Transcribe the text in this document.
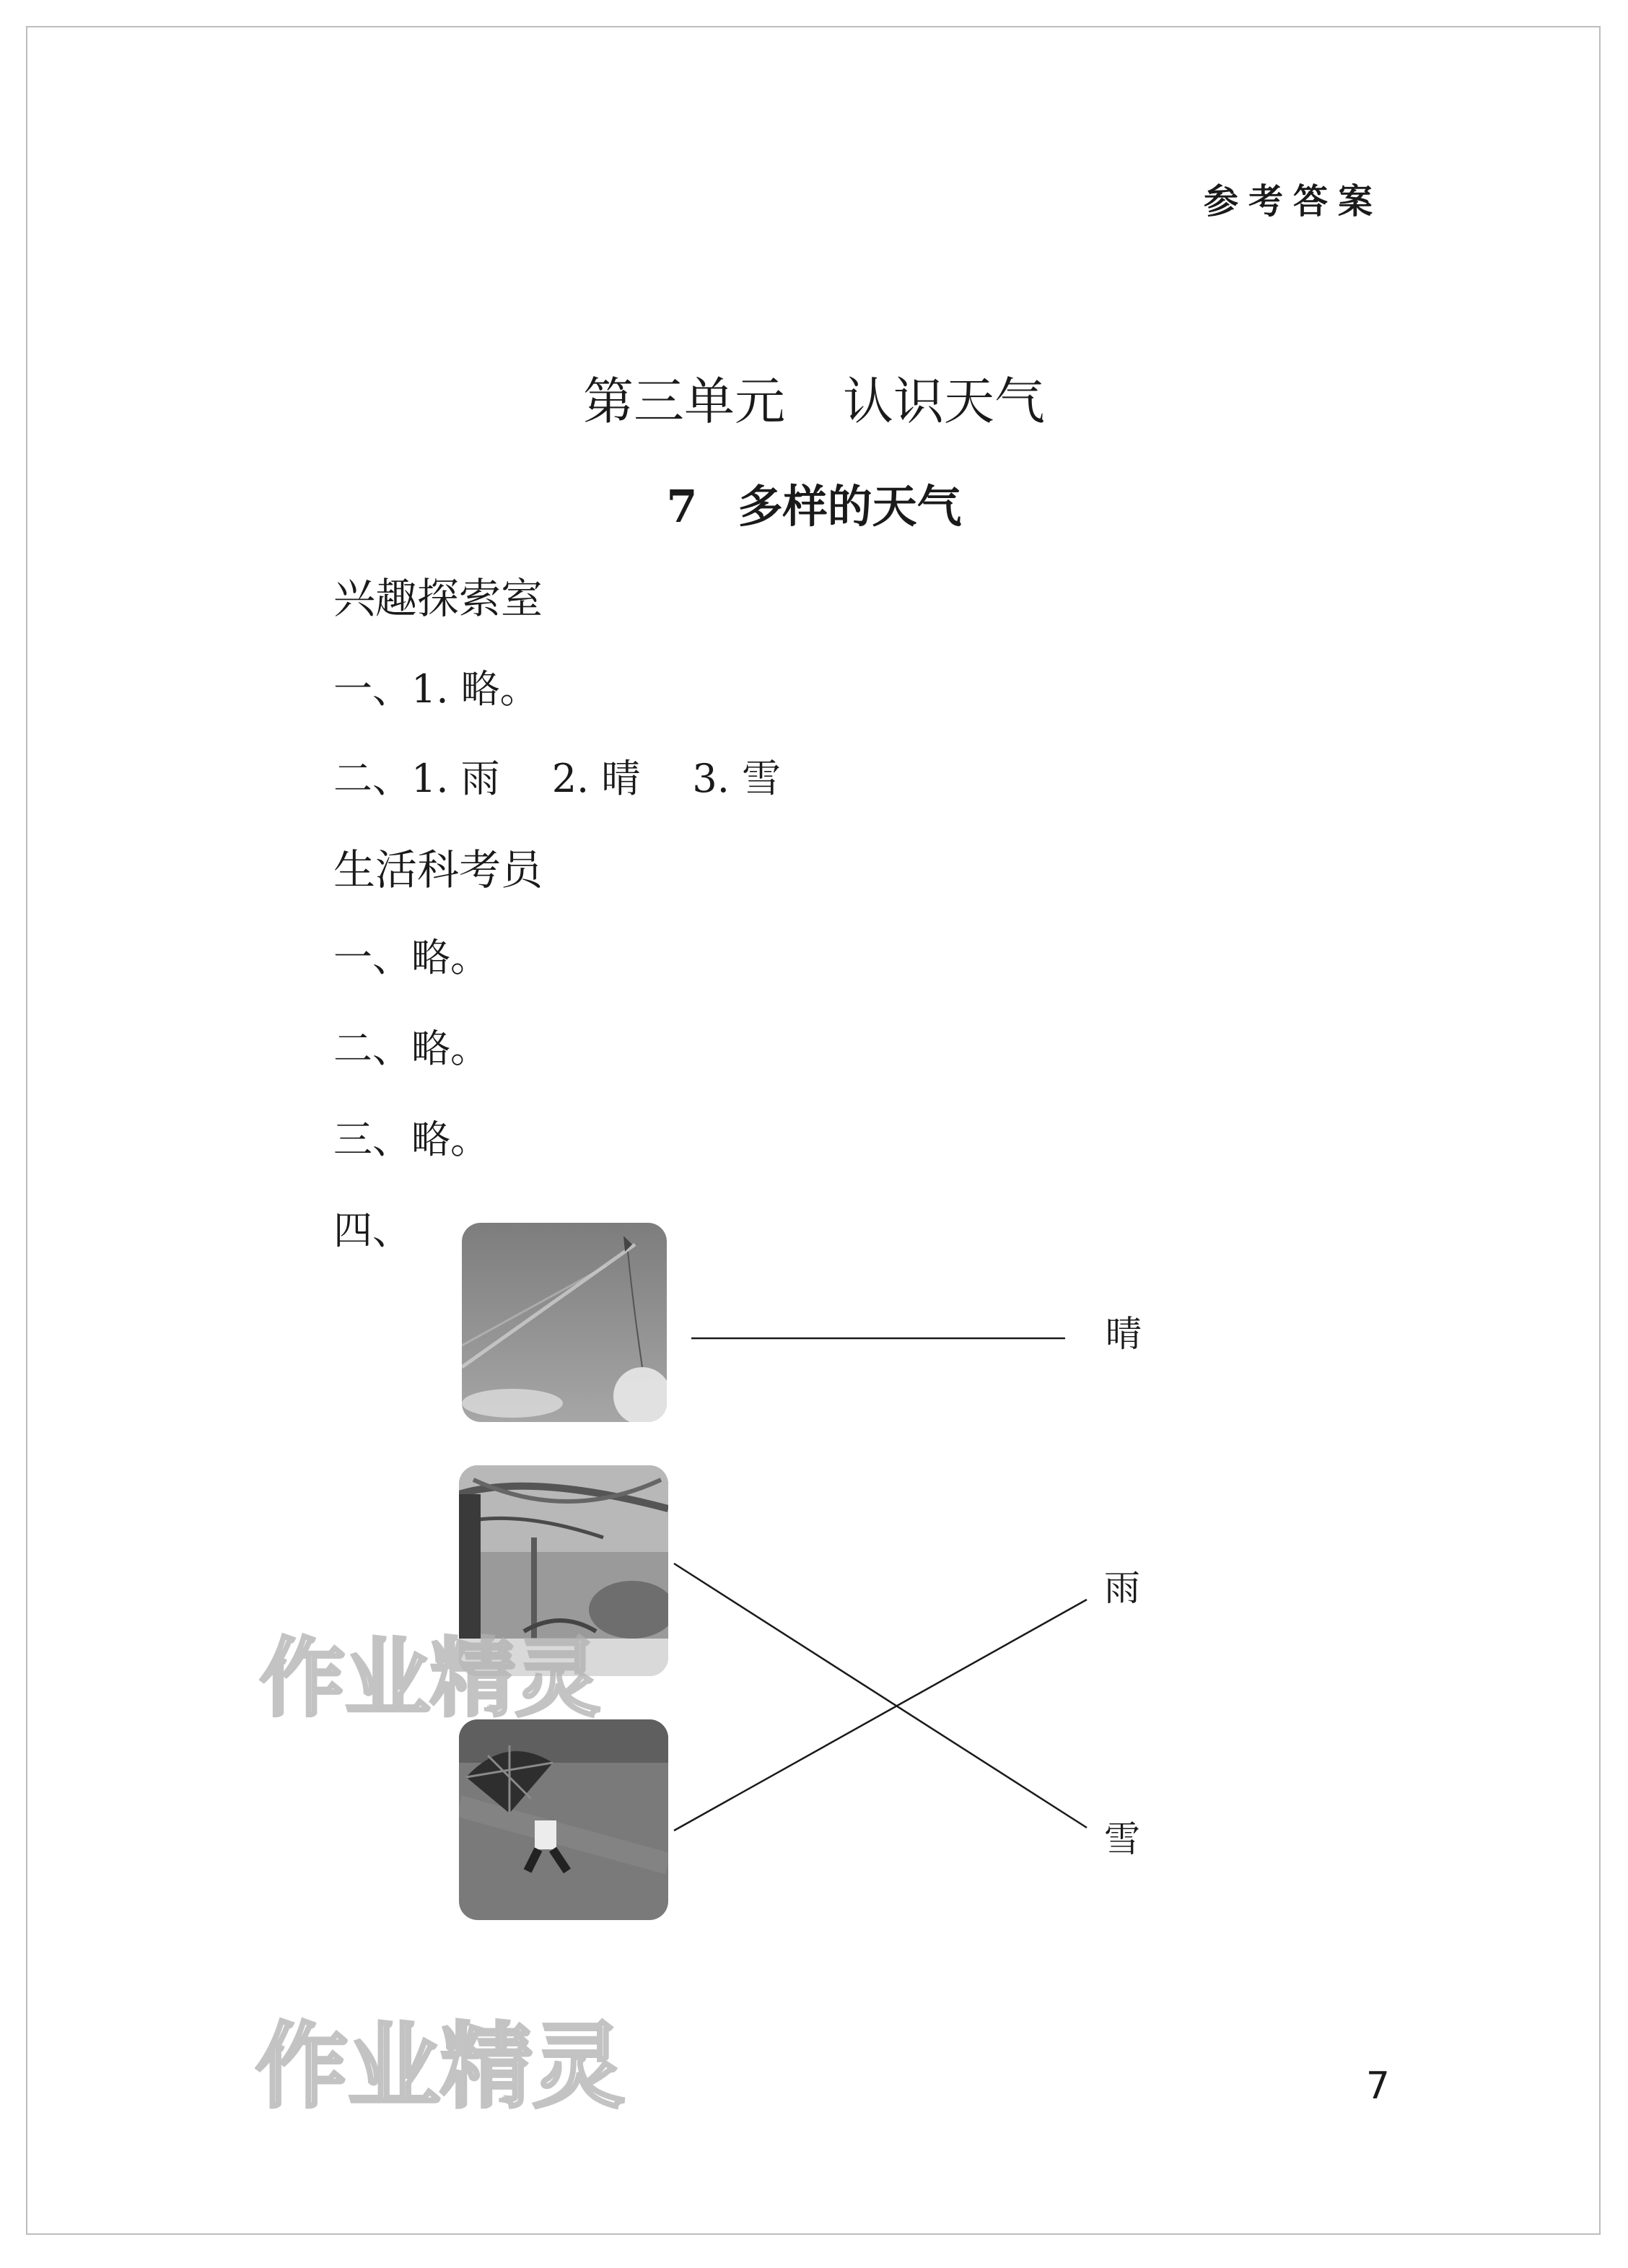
参考答案
第三单元 认识天气
7 多样的天气
兴趣探索室
一、1. 略。
二、1. 雨 2. 晴 3. 雪
生活科考员
一、略。
二、略。
三、略。
四、
晴
雨
雪
作业精灵
作业精灵	7
